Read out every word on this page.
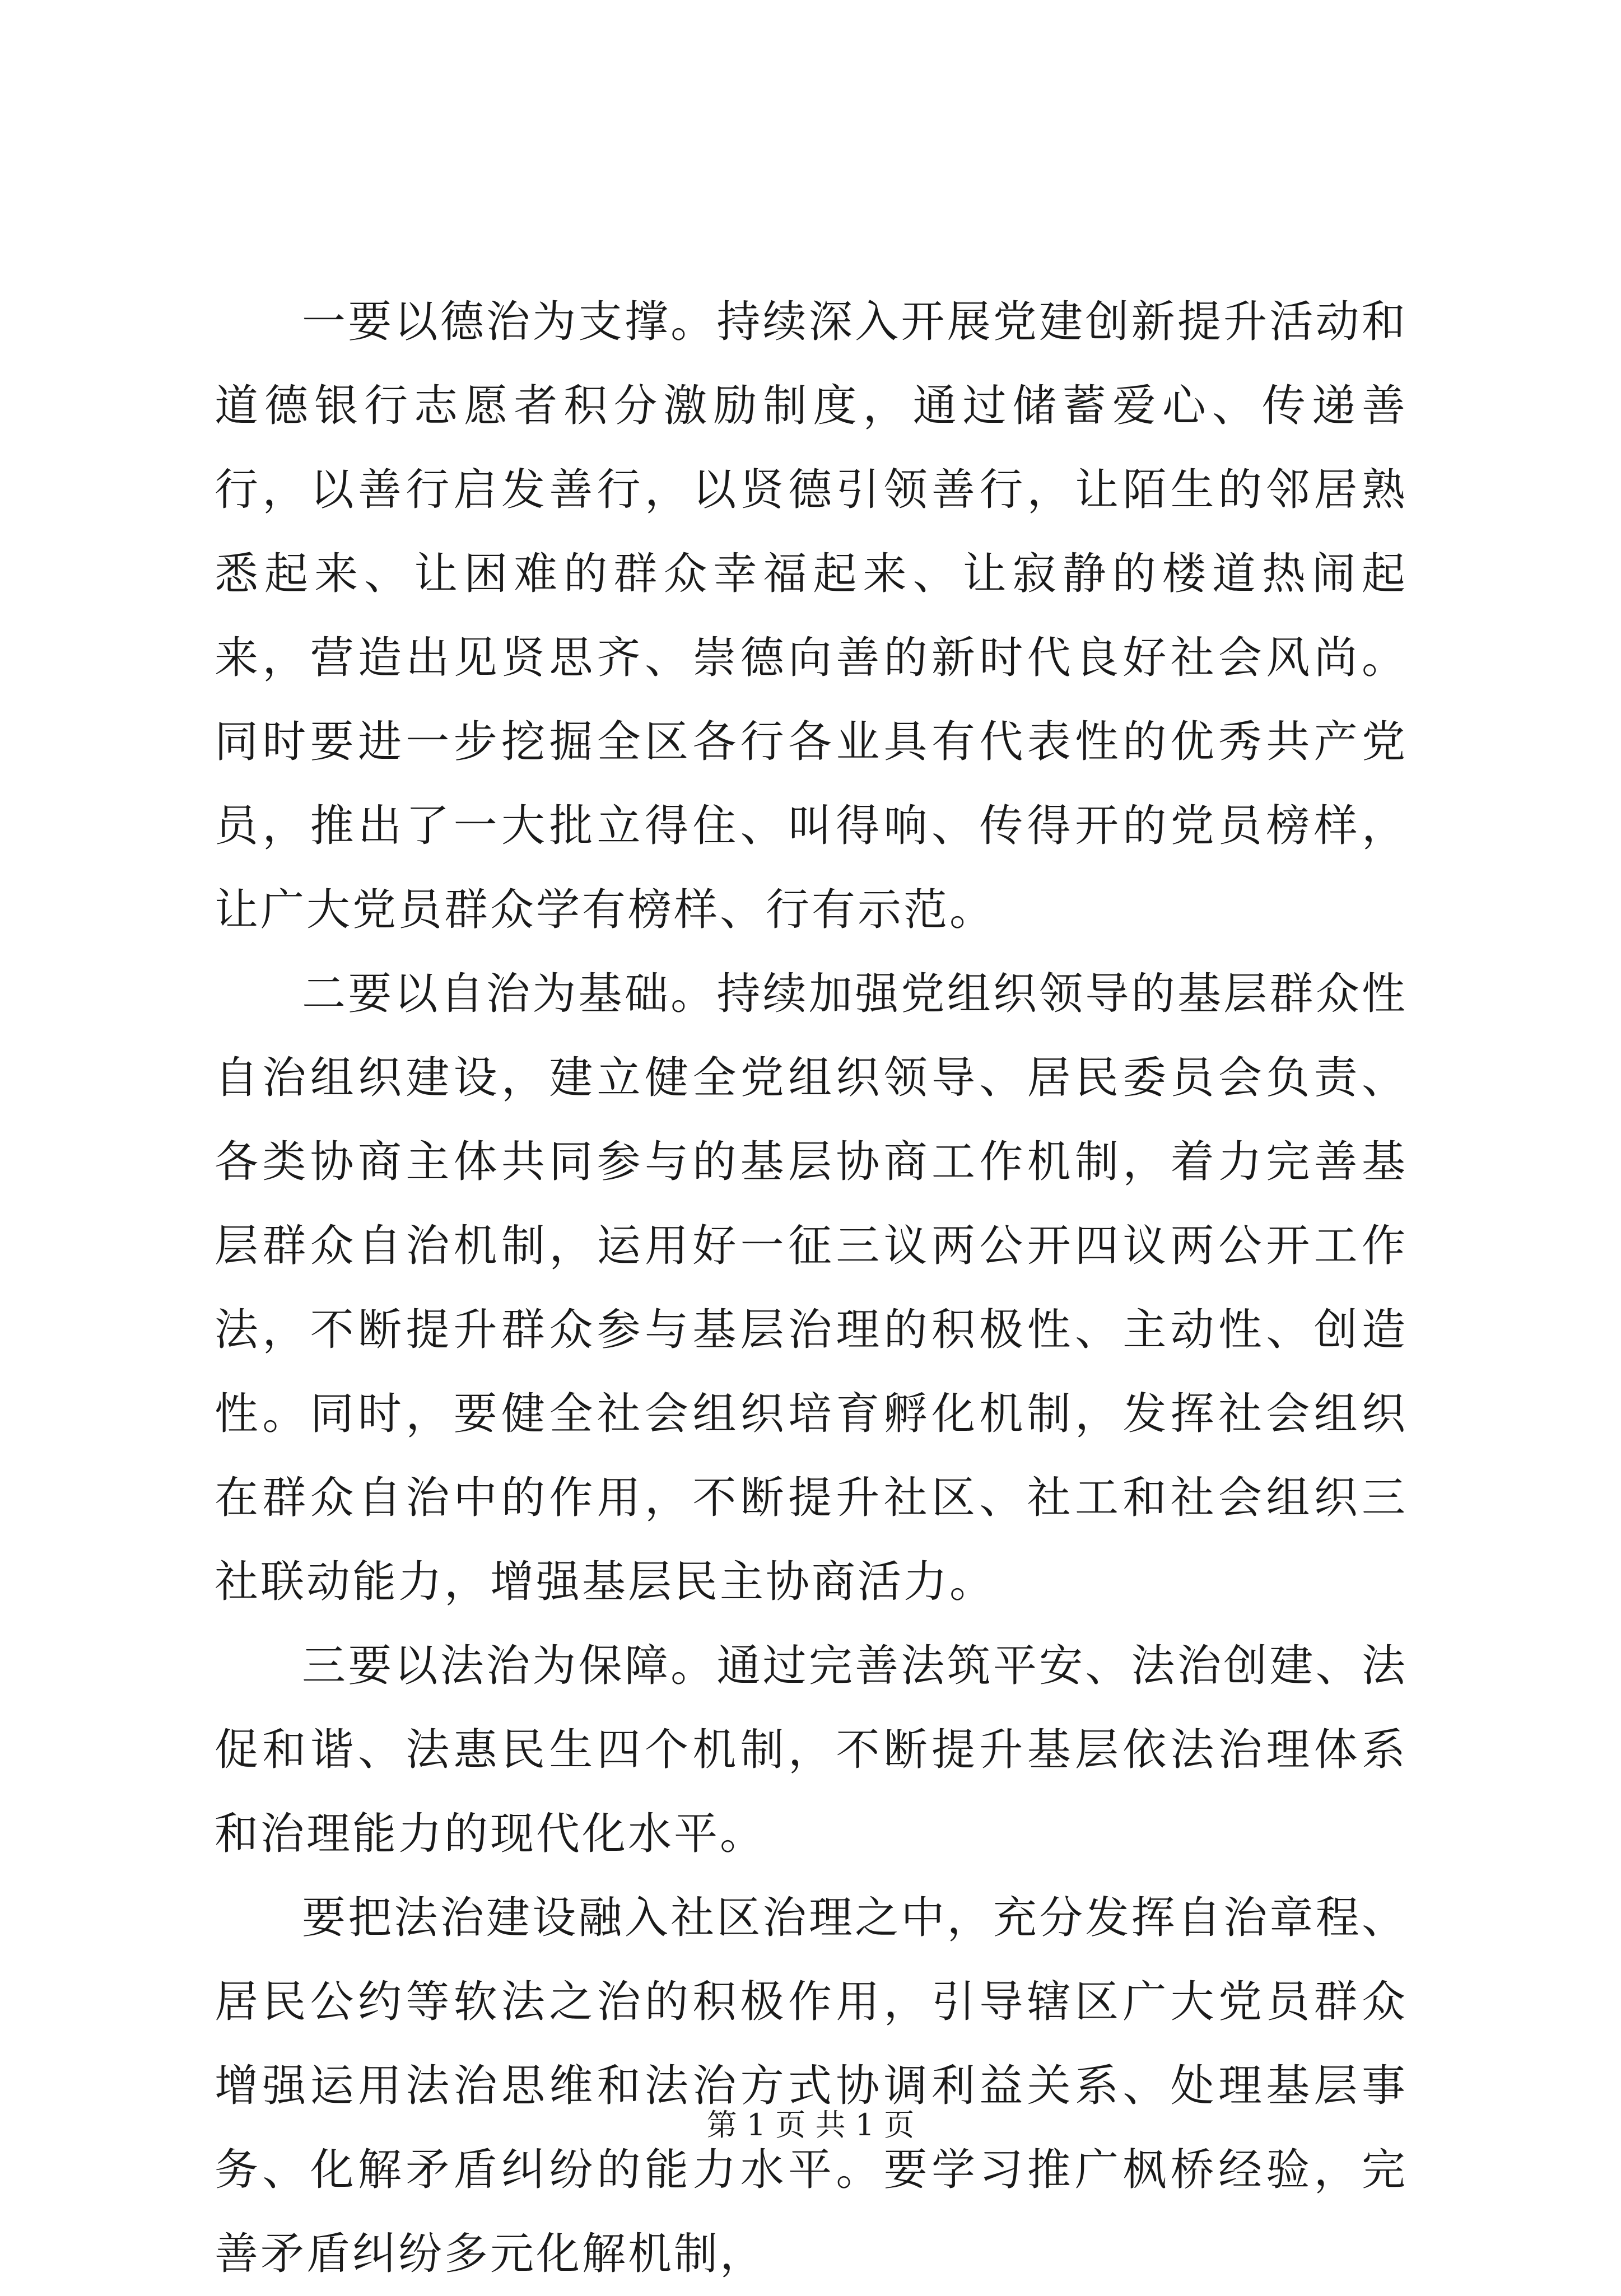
一要以德治为支撑。持续深入开展党建创新提升活动和道德银行志愿者积分激励制度，通过储蓄爱心、传递善行，以善行启发善行，以贤德引领善行，让陌生的邻居熟悉起来、让困难的群众幸福起来、让寂静的楼道热闹起来，营造出见贤思齐、崇德向善的新时代良好社会风尚。同时要进一步挖掘全区各行各业具有代表性的优秀共产党员，推出了一大批立得住、叫得响、传得开的党员榜样，让广大党员群众学有榜样、行有示范。

二要以自治为基础。持续加强党组织领导的基层群众性自治组织建设，建立健全党组织领导、居民委员会负责、各类协商主体共同参与的基层协商工作机制，着力完善基层群众自治机制，运用好一征三议两公开四议两公开工作法，不断提升群众参与基层治理的积极性、主动性、创造性。同时，要健全社会组织培育孵化机制，发挥社会组织在群众自治中的作用，不断提升社区、社工和社会组织三社联动能力，增强基层民主协商活力。

三要以法治为保障。通过完善法筑平安、法治创建、法促和谐、法惠民生四个机制，不断提升基层依法治理体系和治理能力的现代化水平。

要把法治建设融入社区治理之中，充分发挥自治章程、居民公约等软法之治的积极作用，引导辖区广大党员群众增强运用法治思维和法治方式协调利益关系、处理基层事务、化解矛盾纠纷的能力水平。要学习推广枫桥经验，完善矛盾纠纷多元化解机制，

第 1 页 共 1 页
